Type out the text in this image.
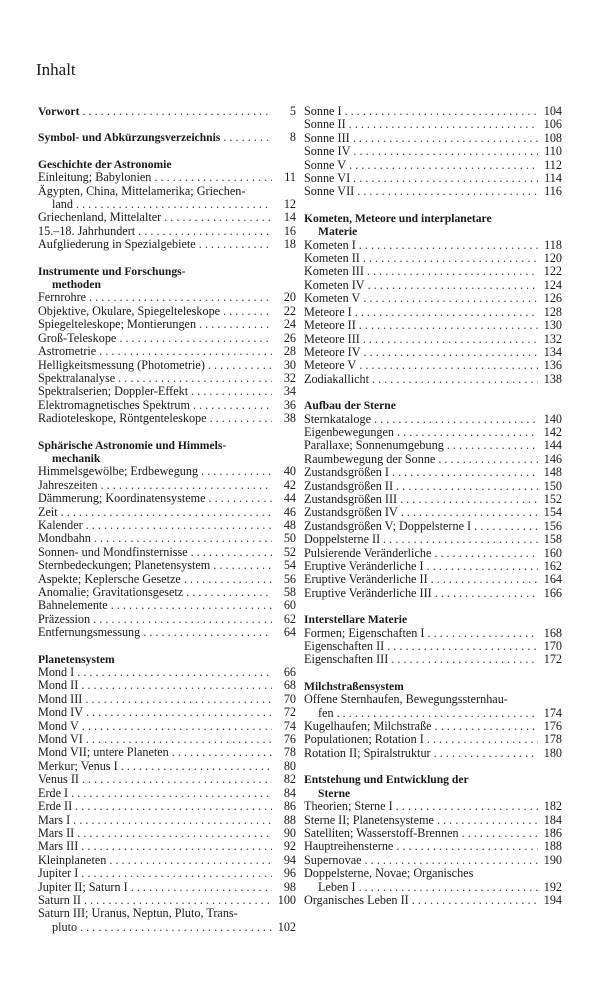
Inhalt
Vorwort . . .	5
Symbol- und Abkürzungsverzeichnis . . .	8
Geschichte der Astronomie
Einleitung; Babylonien . . .	11
Ägypten, China, Mittelamerika; Griechen-
land . . .	12
Griechenland, Mittelalter . . .	14
15.–18. Jahrhundert . . .	16
Aufgliederung in Spezialgebiete . . .	18
Instrumente und Forschungs-
methoden
Fernrohre . . .	20
Objektive, Okulare, Spiegelteleskope . . .	22
Spiegelteleskope; Montierungen . . .	24
Groß-Teleskope . . .	26
Astrometrie . . .	28
Helligkeitsmessung (Photometrie) . . .	30
Spektralanalyse . . .	32
Spektralserien; Doppler-Effekt . . .	34
Elektromagnetisches Spektrum . . .	36
Radioteleskope, Röntgenteleskope . . .	38
Sphärische Astronomie und Himmels-
mechanik
Himmelsgewölbe; Erdbewegung . . .	40
Jahreszeiten . . .	42
Dämmerung; Koordinatensysteme . . .	44
Zeit . . .	46
Kalender . . .	48
Mondbahn . . .	50
Sonnen- und Mondfinsternisse . . .	52
Sternbedeckungen; Planetensystem . . .	54
Aspekte; Keplersche Gesetze . . .	56
Anomalie; Gravitationsgesetz . . .	58
Bahnelemente . . .	60
Präzession . . .	62
Entfernungsmessung . . .	64
Planetensystem
Mond I . . .	66
Mond II . . .	68
Mond III . . .	70
Mond IV . . .	72
Mond V . . .	74
Mond VI . . .	76
Mond VII; untere Planeten . . .	78
Merkur; Venus I . . .	80
Venus II . . .	82
Erde I . . .	84
Erde II . . .	86
Mars I . . .	88
Mars II . . .	90
Mars III . . .	92
Kleinplaneten . . .	94
Jupiter I . . .	96
Jupiter II; Saturn I . . .	98
Saturn II . . .	100
Saturn III; Uranus, Neptun, Pluto, Trans-
pluto . . .	102
Sonne I . . .	104
Sonne II . . .	106
Sonne III . . .	108
Sonne IV . . .	110
Sonne V . . .	112
Sonne VI . . .	114
Sonne VII . . .	116
Kometen, Meteore und interplanetare
Materie
Kometen I . . .	118
Kometen II . . .	120
Kometen III . . .	122
Kometen IV . . .	124
Kometen V . . .	126
Meteore I . . .	128
Meteore II . . .	130
Meteore III . . .	132
Meteore IV . . .	134
Meteore V . . .	136
Zodiakallicht . . .	138
Aufbau der Sterne
Sternkataloge . . .	140
Eigenbewegungen . . .	142
Parallaxe; Sonnenumgebung . . .	144
Raumbewegung der Sonne . . .	146
Zustandsgrößen I . . .	148
Zustandsgrößen II . . .	150
Zustandsgrößen III . . .	152
Zustandsgrößen IV . . .	154
Zustandsgrößen V; Doppelsterne I . . .	156
Doppelsterne II . . .	158
Pulsierende Veränderliche . . .	160
Eruptive Veränderliche I . . .	162
Eruptive Veränderliche II . . .	164
Eruptive Veränderliche III . . .	166
Interstellare Materie
Formen; Eigenschaften I . . .	168
Eigenschaften II . . .	170
Eigenschaften III . . .	172
Milchstraßensystem
Offene Sternhaufen, Bewegungssternhau-
fen . . .	174
Kugelhaufen; Milchstraße . . .	176
Populationen; Rotation I . . .	178
Rotation II; Spiralstruktur . . .	180
Entstehung und Entwicklung der
Sterne
Theorien; Sterne I . . .	182
Sterne II; Planetensysteme . . .	184
Satelliten; Wasserstoff-Brennen . . .	186
Hauptreihensterne . . .	188
Supernovae . . .	190
Doppelsterne, Novae; Organisches
Leben I . . .	192
Organisches Leben II . . .	194
